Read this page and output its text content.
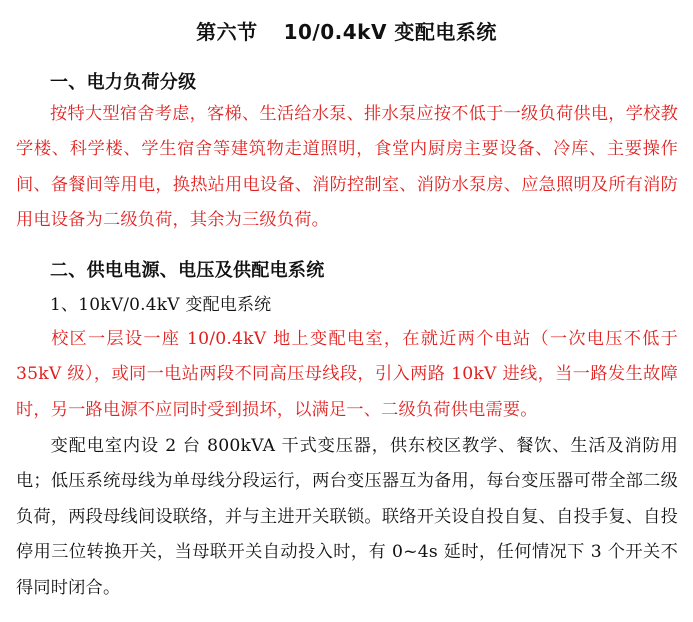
第六节 10/0.4kV 变配电系统
一、电力负荷分级
按特大型宿舍考虑，客梯、生活给水泵、排水泵应按不低于一级负荷供电，学校教学楼、科学楼、学生宿舍等建筑物走道照明，食堂内厨房主要设备、冷库、主要操作间、备餐间等用电，换热站用电设备、消防控制室、消防水泵房、应急照明及所有消防用电设备为二级负荷，其余为三级负荷。
二、供电电源、电压及供配电系统
1、10kV/0.4kV 变配电系统
校区一层设一座 10/0.4kV 地上变配电室，在就近两个电站（一次电压不低于35kV 级），或同一电站两段不同高压母线段，引入两路 10kV 进线，当一路发生故障时，另一路电源不应同时受到损坏，以满足一、二级负荷供电需要。
变配电室内设 2 台 800kVA 干式变压器，供东校区教学、餐饮、生活及消防用电；低压系统母线为单母线分段运行，两台变压器互为备用，每台变压器可带全部二级负荷，两段母线间设联络，并与主进开关联锁。联络开关设自投自复、自投手复、自投停用三位转换开关，当母联开关自动投入时，有 0~4s 延时，任何情况下 3 个开关不得同时闭合。
